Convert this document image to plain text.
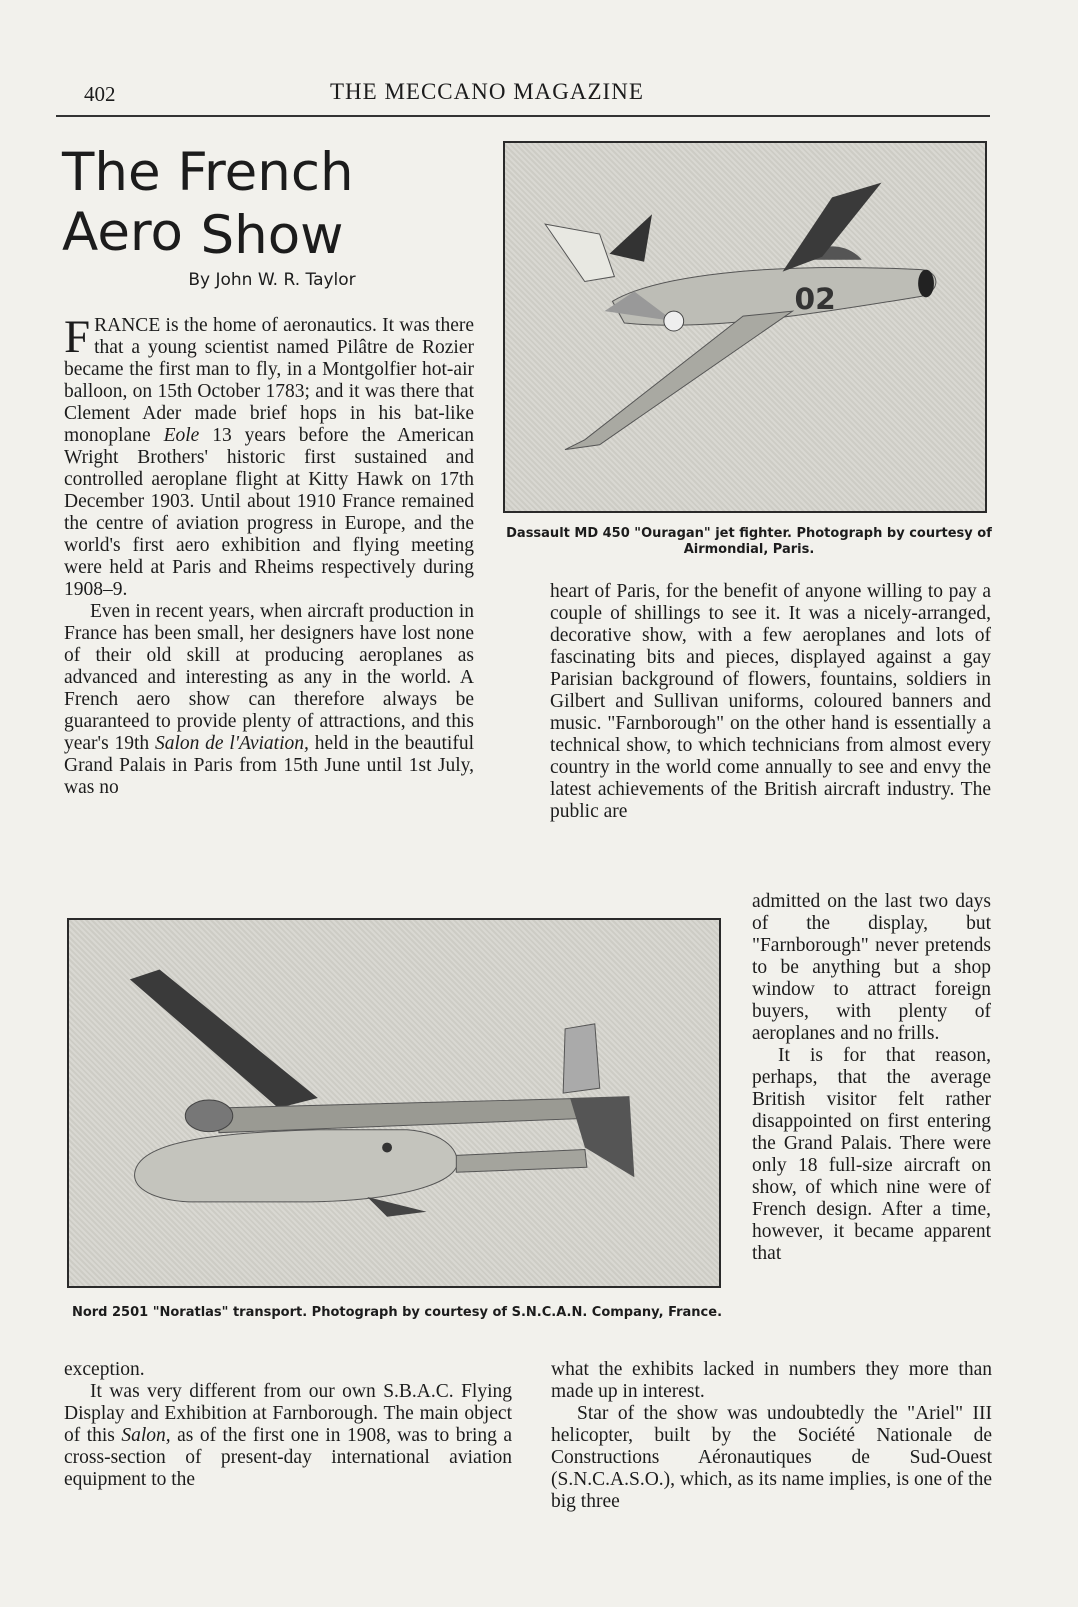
402	THE MECCANO MAGAZINE
The French Aero Show
By John W. R. Taylor

FRANCE is the home of aeronautics. It was there that a young scientist named Pilâtre de Rozier became the first man to fly, in a Montgolfier hot-air balloon, on 15th October 1783; and it was there that Clement Ader made brief hops in his bat-like monoplane Eole 13 years before the American Wright Brothers' historic first sustained and controlled aeroplane flight at Kitty Hawk on 17th December 1903. Until about 1910 France remained the centre of aviation progress in Europe, and the world's first aero exhibition and flying meeting were held at Paris and Rheims respectively during 1908–9.

Even in recent years, when aircraft production in France has been small, her designers have lost none of their old skill at producing aeroplanes as advanced and interesting as any in the world. A French aero show can therefore always be guaranteed to provide plenty of attractions, and this year's 19th Salon de l'Aviation, held in the beautiful Grand Palais in Paris from 15th June until 1st July, was no

02
Dassault MD 450 "Ouragan" jet fighter. Photograph by courtesy of Airmondial, Paris.

heart of Paris, for the benefit of anyone willing to pay a couple of shillings to see it. It was a nicely-arranged, decorative show, with a few aeroplanes and lots of fascinating bits and pieces, displayed against a gay Parisian background of flowers, fountains, soldiers in Gilbert and Sullivan uniforms, coloured banners and music. "Farnborough" on the other hand is essentially a technical show, to which technicians from almost every country in the world come annually to see and envy the latest achievements of the British aircraft industry. The public are

Nord 2501 "Noratlas" transport. Photograph by courtesy of S.N.C.A.N. Company, France.

admitted on the last two days of the display, but "Farnborough" never pretends to be anything but a shop window to attract foreign buyers, with plenty of aeroplanes and no frills.

It is for that reason, perhaps, that the average British visitor felt rather disappointed on first entering the Grand Palais. There were only 18 full-size aircraft on show, of which nine were of French design. After a time, however, it became apparent that

exception.

It was very different from our own S.B.A.C. Flying Display and Exhibition at Farnborough. The main object of this Salon, as of the first one in 1908, was to bring a cross-section of present-day international aviation equipment to the

what the exhibits lacked in numbers they more than made up in interest.

Star of the show was undoubtedly the "Ariel" III helicopter, built by the Société Nationale de Constructions Aéronautiques de Sud-Ouest (S.N.C.A.S.O.), which, as its name implies, is one of the big three
